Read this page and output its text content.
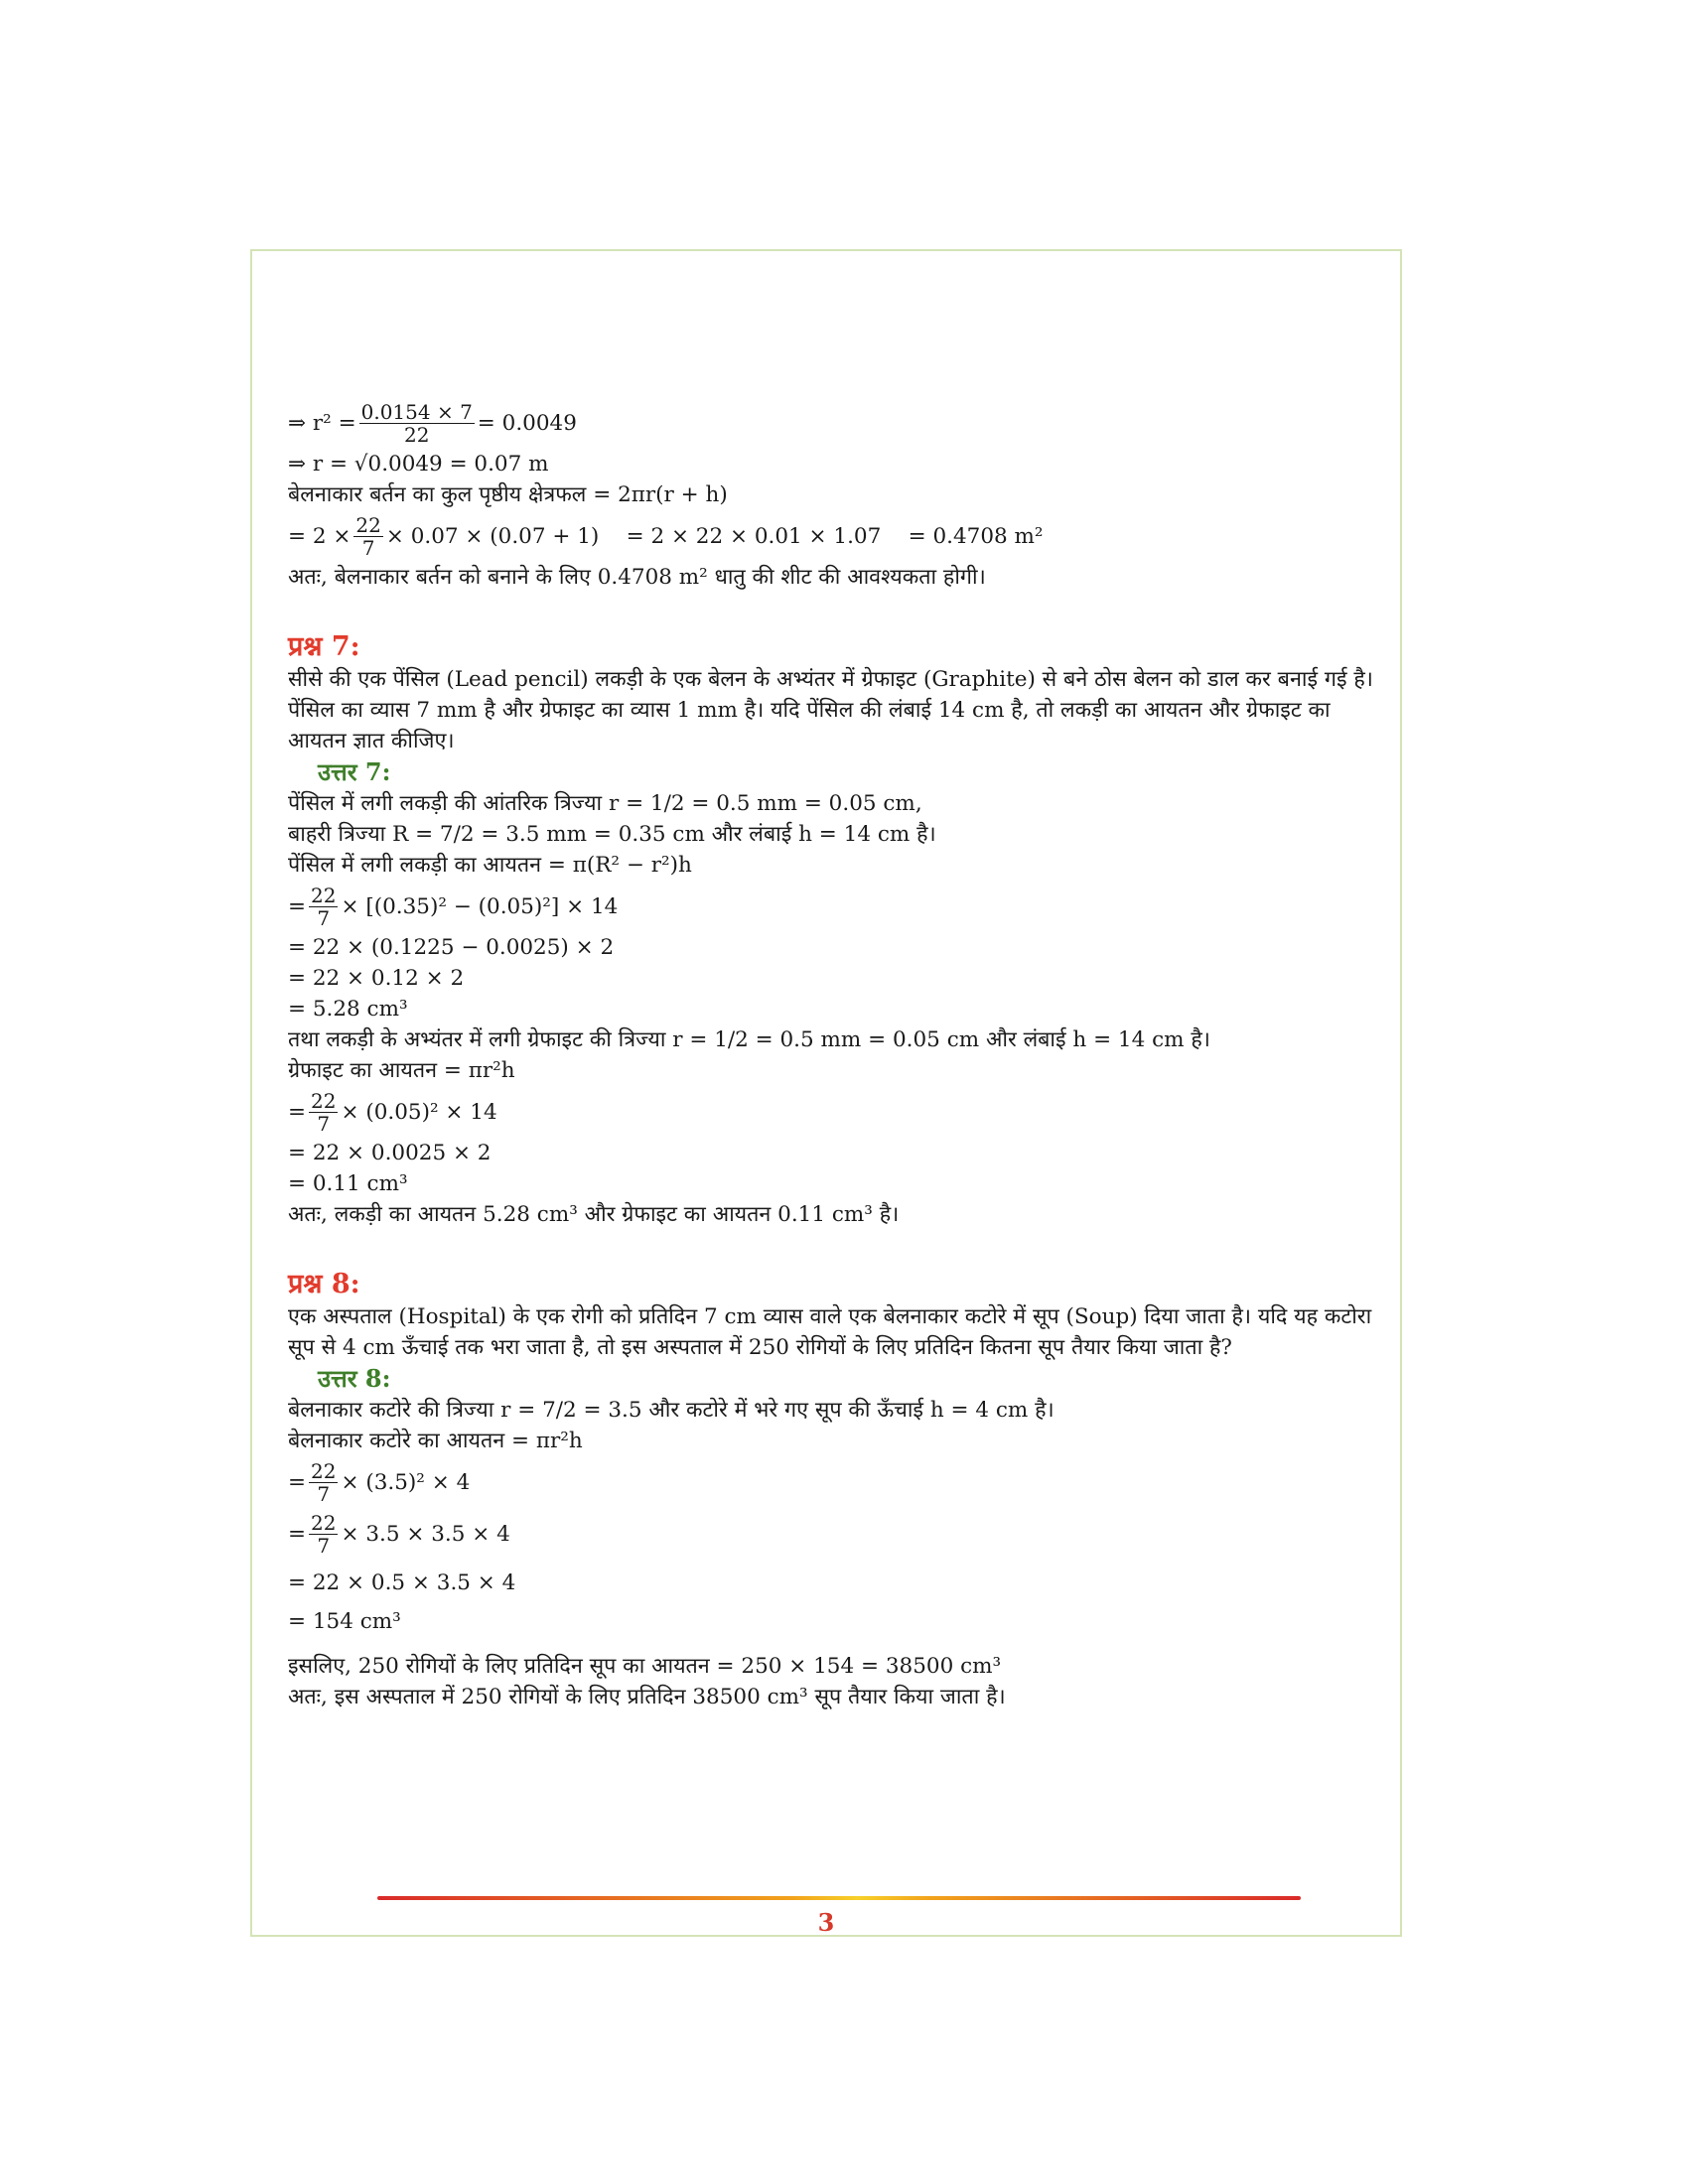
⇒ $r^2 = \frac{0.0154 \times 7}{22} = 0.0049$
⇒ r = √0.0049 = 0.07 m
बेलनाकार बर्तन का कुल पृष्ठीय क्षेत्रफल = 2πr(r + h)
= $2 \times \frac{22}{7} \times 0.07 \times (0.07 + 1)$    = 2 × 22 × 0.01 × 1.07    = 0.4708 m²
अतः, बेलनाकार बर्तन को बनाने के लिए 0.4708 m² धातु की शीट की आवश्यकता होगी।
प्रश्न 7:
सीसे की एक पेंसिल (Lead pencil) लकड़ी के एक बेलन के अभ्यंतर में ग्रेफाइट (Graphite) से बने ठोस बेलन को डाल कर बनाई गई है। पेंसिल का व्यास 7 mm है और ग्रेफाइट का व्यास 1 mm है। यदि पेंसिल की लंबाई 14 cm है, तो लकड़ी का आयतन और ग्रेफाइट का आयतन ज्ञात कीजिए।
उत्तर 7:
पेंसिल में लगी लकड़ी की आंतरिक त्रिज्या r = 1/2 = 0.5 mm = 0.05 cm,
बाहरी त्रिज्या R = 7/2 = 3.5 mm = 0.35 cm और लंबाई h = 14 cm है।
पेंसिल में लगी लकड़ी का आयतन = π(R² − r²)h
= $\frac{22}{7} \times [(0.35)^2 - (0.05)^2] \times 14$
= 22 × (0.1225 − 0.0025) × 2
= 22 × 0.12 × 2
= 5.28 cm³
तथा लकड़ी के अभ्यंतर में लगी ग्रेफाइट की त्रिज्या r = 1/2 = 0.5 mm = 0.05 cm और लंबाई h = 14 cm है।
ग्रेफाइट का आयतन = πr²h
= $\frac{22}{7} \times (0.05)^2 \times 14$
= 22 × 0.0025 × 2
= 0.11 cm³
अतः, लकड़ी का आयतन 5.28 cm³ और ग्रेफाइट का आयतन 0.11 cm³ है।
प्रश्न 8:
एक अस्पताल (Hospital) के एक रोगी को प्रतिदिन 7 cm व्यास वाले एक बेलनाकार कटोरे में सूप (Soup) दिया जाता है। यदि यह कटोरा सूप से 4 cm ऊँचाई तक भरा जाता है, तो इस अस्पताल में 250 रोगियों के लिए प्रतिदिन कितना सूप तैयार किया जाता है?
उत्तर 8:
बेलनाकार कटोरे की त्रिज्या r = 7/2 = 3.5 और कटोरे में भरे गए सूप की ऊँचाई h = 4 cm है।
बेलनाकार कटोरे का आयतन = πr²h
= $\frac{22}{7} \times (3.5)^2 \times 4$
= $\frac{22}{7} \times 3.5 \times 3.5 \times 4$
= 22 × 0.5 × 3.5 × 4
= 154 cm³
इसलिए, 250 रोगियों के लिए प्रतिदिन सूप का आयतन = 250 × 154 = 38500 cm³
अतः, इस अस्पताल में 250 रोगियों के लिए प्रतिदिन 38500 cm³ सूप तैयार किया जाता है।
3
